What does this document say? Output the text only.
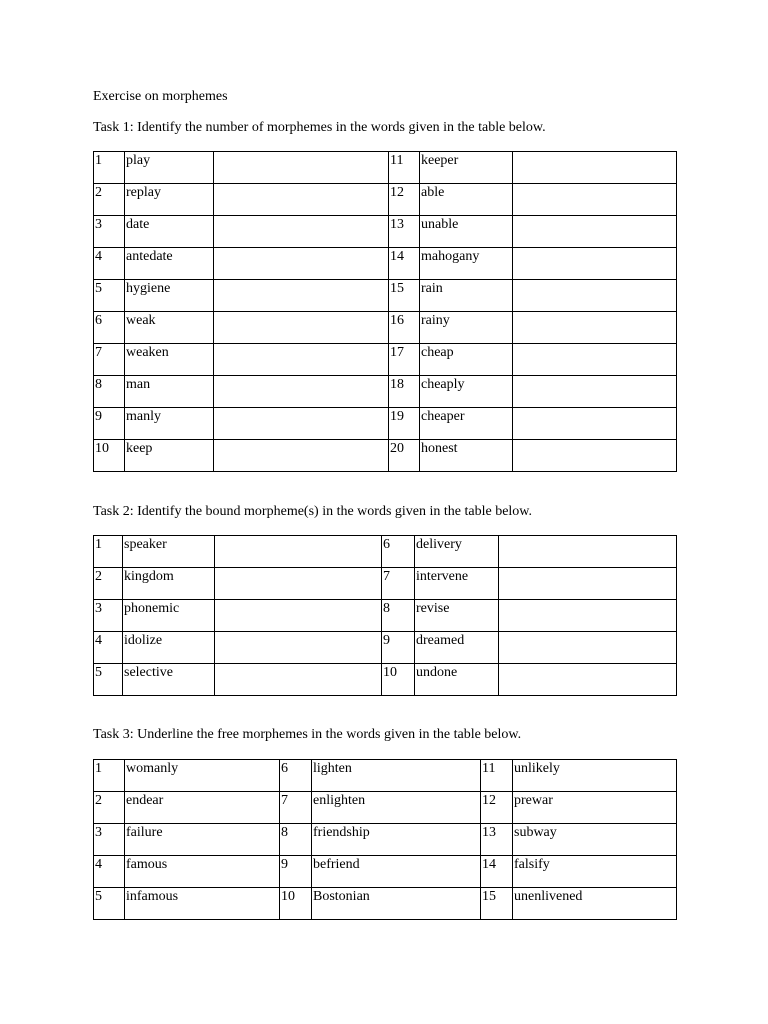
Exercise on morphemes
Task 1: Identify the number of morphemes in the words given in the table below.
1	play		11	keeper	
2	replay		12	able	
3	date		13	unable	
4	antedate		14	mahogany	
5	hygiene		15	rain	
6	weak		16	rainy	
7	weaken		17	cheap	
8	man		18	cheaply	
9	manly		19	cheaper	
10	keep		20	honest	
Task 2: Identify the bound morpheme(s) in the words given in the table below.
1	speaker		6	delivery	
2	kingdom		7	intervene	
3	phonemic		8	revise	
4	idolize		9	dreamed	
5	selective		10	undone	
Task 3: Underline the free morphemes in the words given in the table below.
1	womanly	6	lighten	11	unlikely
2	endear	7	enlighten	12	prewar
3	failure	8	friendship	13	subway
4	famous	9	befriend	14	falsify
5	infamous	10	Bostonian	15	unenlivened
